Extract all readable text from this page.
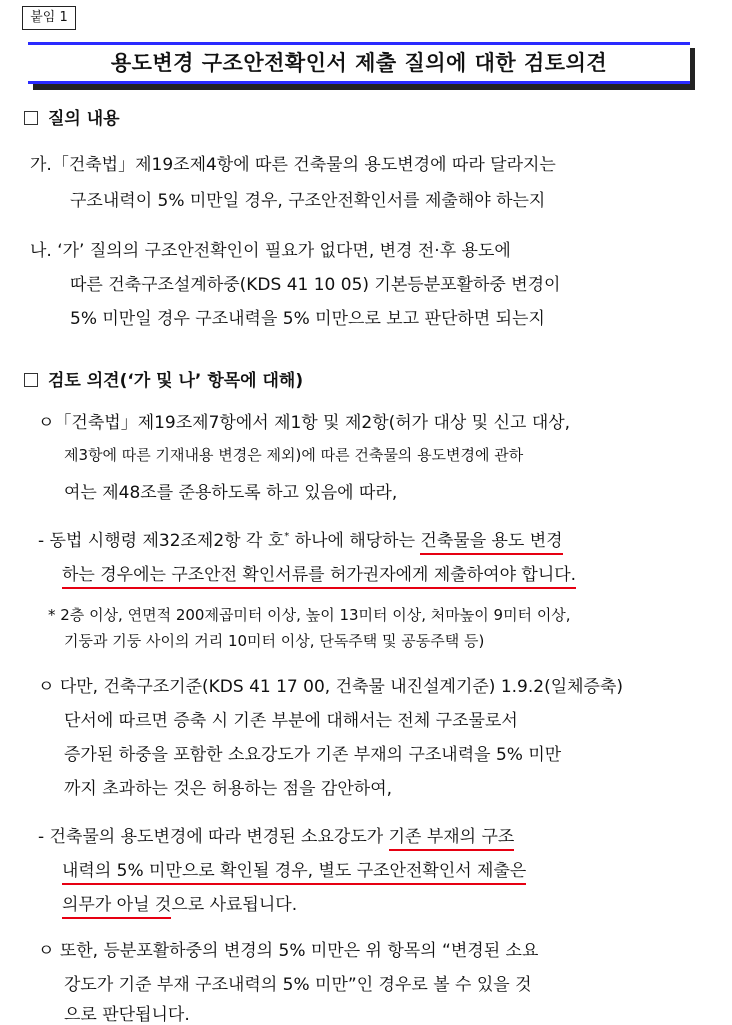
붙임 1
용도변경 구조안전확인서 제출 질의에 대한 검토의견
질의 내용
가.「건축법」제19조제4항에 따른 건축물의 용도변경에 따라 달라지는
구조내력이 5% 미만일 경우, 구조안전확인서를 제출해야 하는지
나. ‘가’ 질의의 구조안전확인이 필요가 없다면, 변경 전·후 용도에
따른 건축구조설계하중(KDS 41 10 05) 기본등분포활하중 변경이
5% 미만일 경우 구조내력을 5% 미만으로 보고 판단하면 되는지
검토 의견(‘가 및 나’ 항목에 대해)
ㅇ「건축법」제19조제7항에서 제1항 및 제2항(허가 대상 및 신고 대상,
제3항에 따른 기재내용 변경은 제외)에 따른 건축물의 용도변경에 관하
여는 제48조를 준용하도록 하고 있음에 따라,
- 동법 시행령 제32조제2항 각 호* 하나에 해당하는 건축물을 용도 변경
하는 경우에는 구조안전 확인서류를 허가권자에게 제출하여야 합니다.
* 2층 이상, 연면적 200제곱미터 이상, 높이 13미터 이상, 처마높이 9미터 이상,
기둥과 기둥 사이의 거리 10미터 이상, 단독주택 및 공동주택 등)
ㅇ 다만, 건축구조기준(KDS 41 17 00, 건축물 내진설계기준) 1.9.2(일체증축)
단서에 따르면 증축 시 기존 부분에 대해서는 전체 구조물로서
증가된 하중을 포함한 소요강도가 기존 부재의 구조내력을 5% 미만
까지 초과하는 것은 허용하는 점을 감안하여,
- 건축물의 용도변경에 따라 변경된 소요강도가 기존 부재의 구조
내력의 5% 미만으로 확인될 경우, 별도 구조안전확인서 제출은
의무가 아닐 것으로 사료됩니다.
ㅇ 또한, 등분포활하중의 변경의 5% 미만은 위 항목의 “변경된 소요
강도가 기준 부재 구조내력의 5% 미만”인 경우로 볼 수 있을 것
으로 판단됩니다.
